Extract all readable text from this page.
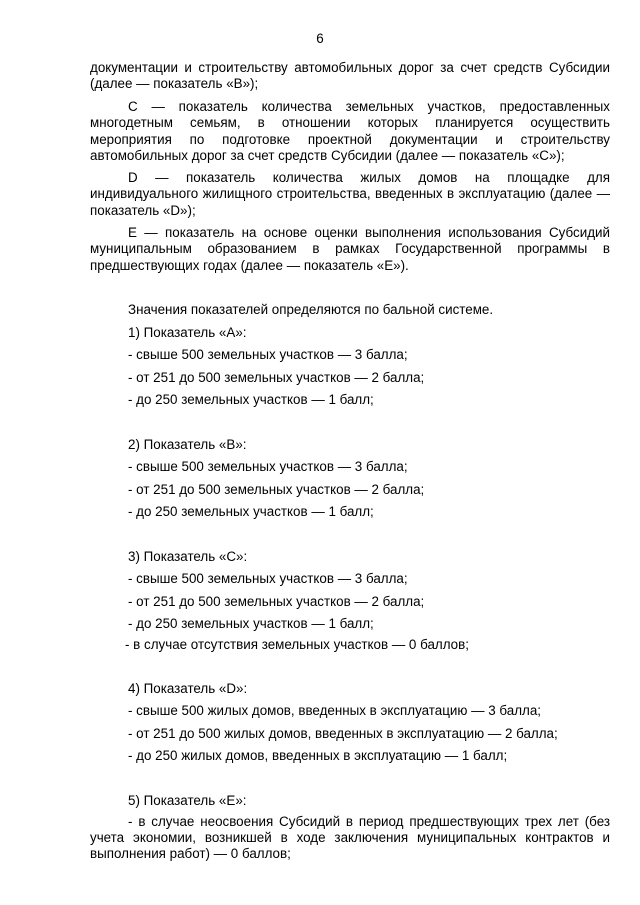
6
документации и строительству автомобильных дорог за счет средств Субсидии (далее — показатель «В»);
С — показатель количества земельных участков, предоставленных многодетным семьям, в отношении которых планируется осуществить мероприятия по подготовке проектной документации и строительству автомобильных дорог за счет средств Субсидии (далее — показатель «С»);
D — показатель количества жилых домов на площадке для индивидуального жилищного строительства, введенных в эксплуатацию (далее — показатель «D»);
Е — показатель на основе оценки выполнения использования Субсидий муниципальным образованием в рамках Государственной программы в предшествующих годах (далее — показатель «Е»).
Значения показателей определяются по бальной системе.
1) Показатель «А»:
- свыше 500 земельных участков — 3 балла;
- от 251 до 500 земельных участков — 2 балла;
- до 250 земельных участков — 1 балл;
2) Показатель «В»:
- свыше 500 земельных участков — 3 балла;
- от 251 до 500 земельных участков — 2 балла;
- до 250 земельных участков — 1 балл;
3) Показатель «С»:
- свыше 500 земельных участков — 3 балла;
- от 251 до 500 земельных участков — 2 балла;
- до 250 земельных участков — 1 балл;
- в случае отсутствия земельных участков — 0 баллов;
4) Показатель «D»:
- свыше 500 жилых домов, введенных в эксплуатацию — 3 балла;
- от 251 до 500 жилых домов, введенных в эксплуатацию — 2 балла;
- до 250 жилых домов, введенных в эксплуатацию — 1 балл;
5) Показатель «Е»:
- в случае неосвоения Субсидий в период предшествующих трех лет (без учета экономии, возникшей в ходе заключения муниципальных контрактов и выполнения работ) — 0 баллов;
